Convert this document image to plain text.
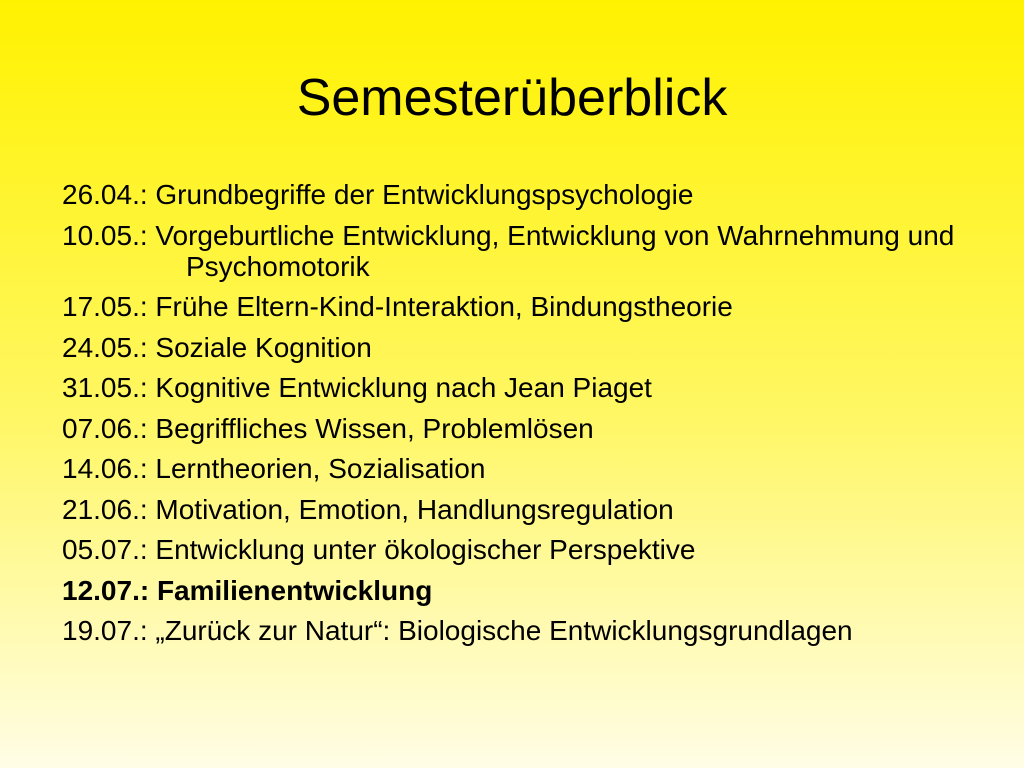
Semesterüberblick
26.04.: Grundbegriffe der Entwicklungspsychologie
10.05.: Vorgeburtliche Entwicklung, Entwicklung von Wahrnehmung und Psychomotorik
17.05.: Frühe Eltern-Kind-Interaktion, Bindungstheorie
24.05.: Soziale Kognition
31.05.: Kognitive Entwicklung nach Jean Piaget
07.06.: Begriffliches Wissen, Problemlösen
14.06.: Lerntheorien, Sozialisation
21.06.: Motivation, Emotion, Handlungsregulation
05.07.: Entwicklung unter ökologischer Perspektive
12.07.: Familienentwicklung
19.07.: „Zurück zur Natur“: Biologische Entwicklungsgrundlagen
